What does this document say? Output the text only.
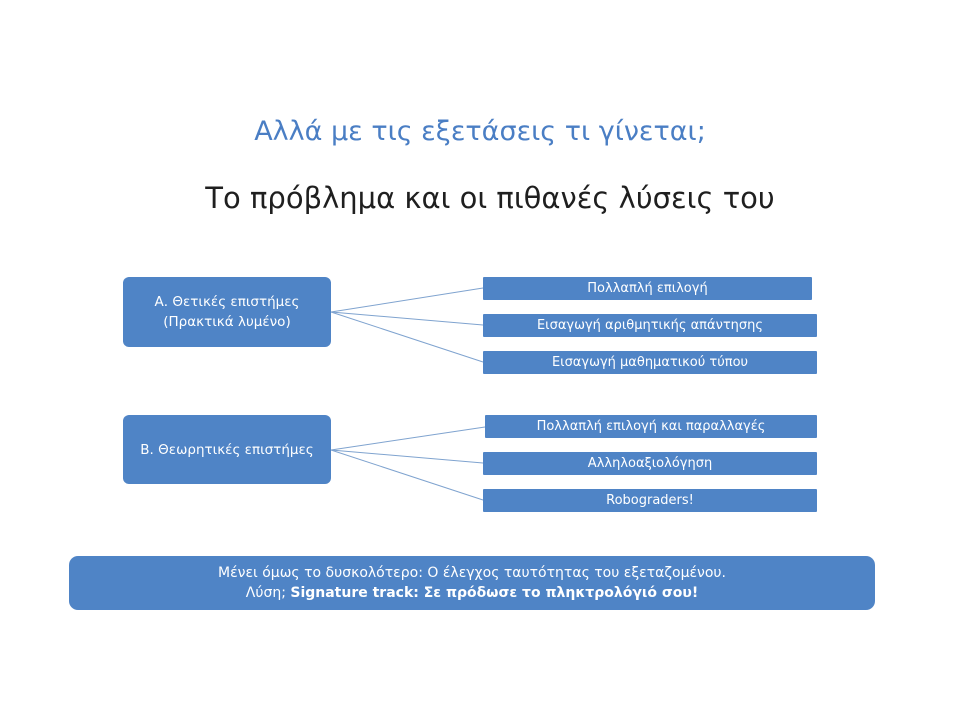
Αλλά με τις εξετάσεις τι γίνεται;
Το πρόβλημα και οι πιθανές λύσεις του
Α. Θετικές επιστήμες
(Πρακτικά λυμένο)
Πολλαπλή επιλογή
Εισαγωγή αριθμητικής απάντησης
Εισαγωγή μαθηματικού τύπου
Β. Θεωρητικές επιστήμες
Πολλαπλή επιλογή και παραλλαγές
Αλληλοαξιολόγηση
Robograders!
Μένει όμως το δυσκολότερο: Ο έλεγχος ταυτότητας του εξεταζομένου.
Λύση; Signature track: Σε πρόδωσε το πληκτρολόγιό σου!
